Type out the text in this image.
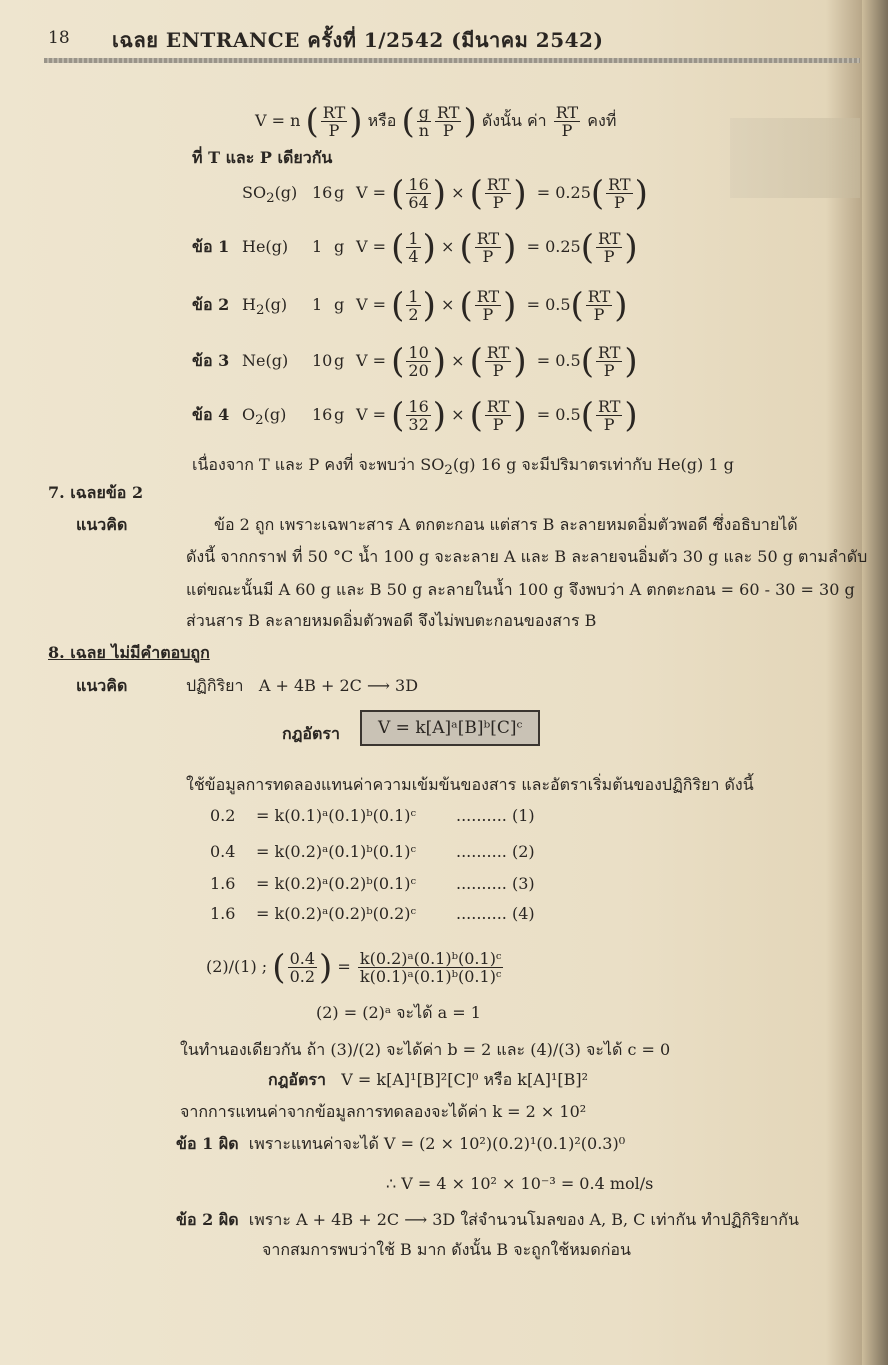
18 เฉลย ENTRANCE ครั้งที่ 1/2542 (มีนาคม 2542)
V = n ( $\frac{RT}{P}$ ) หรือ ( $\frac{g}{n} \frac{RT}{P}$ ) ดังนั้น ค่า $\frac{RT}{P}$ คงที่
ที่ T และ P เดียวกัน
$SO_2(g)$ 16 g V = ( $\frac{16}{64}$ ) × ( $\frac{RT}{P}$ )  = $0.25( \frac{RT}{P}$ )
ข้อ 1 He(g) 1 g V = ( $\frac{1}{4}$ ) × ( $\frac{RT}{P}$ )  = $0.25( \frac{RT}{P}$ )
ข้อ 2 $H_2(g)$ 1 g V = ( $\frac{1}{2}$ ) × ( $\frac{RT}{P}$ )  = $0.5( \frac{RT}{P}$ )
ข้อ 3 Ne(g) 10 g V = ( $\frac{10}{20}$ ) × ( $\frac{RT}{P}$ )  = $0.5( \frac{RT}{P}$ )
ข้อ 4 $O_2(g)$ 16 g V = ( $\frac{16}{32}$ ) × ( $\frac{RT}{P}$ )  = $0.5( \frac{RT}{P}$ )
เนื่องจาก T และ P คงที่ จะพบว่า $SO_2(g)$ 16 g จะมีปริมาตรเท่ากับ He(g) 1 g
7. เฉลยข้อ 2
แนวคิด	ข้อ 2 ถูก เพราะเฉพาะสาร A ตกตะกอน แต่สาร B ละลายหมดอิ่มตัวพอดี ซึ่งอธิบายได้
ดังนี้ จากกราฟ ที่ 50 °C น้ำ 100 g จะละลาย A และ B ละลายจนอิ่มตัว 30 g และ 50 g ตามลำดับ
แต่ขณะนั้นมี A 60 g และ B 50 g ละลายในน้ำ 100 g จึงพบว่า A ตกตะกอน = 60 - 30 = 30 g
ส่วนสาร B ละลายหมดอิ่มตัวพอดี จึงไม่พบตะกอนของสาร B
8. เฉลย ไม่มีคำตอบถูก
แนวคิด	ปฏิกิริยา A + 4B + 2C ⟶ 3D
กฎอัตรา	V = k[A]ᵃ[B]ᵇ[C]ᶜ
ใช้ข้อมูลการทดลองแทนค่าความเข้มข้นของสาร และอัตราเริ่มต้นของปฏิกิริยา ดังนี้
0.2 = k(0.1)ᵃ(0.1)ᵇ(0.1)ᶜ .......... (1)
0.4 = k(0.2)ᵃ(0.1)ᵇ(0.1)ᶜ .......... (2)
1.6 = k(0.2)ᵃ(0.2)ᵇ(0.1)ᶜ .......... (3)
1.6 = k(0.2)ᵃ(0.2)ᵇ(0.2)ᶜ .......... (4)
(2)/(1) ; ( $\frac{0.4}{0.2}$ ) = $\frac{\text{k(0.2)ᵃ(0.1)ᵇ(0.1)ᶜ}}{\text{k(0.1)ᵃ(0.1)ᵇ(0.1)ᶜ}}$
(2) = (2)ᵃ จะได้ a = 1
ในทำนองเดียวกัน ถ้า (3)/(2) จะได้ค่า b = 2 และ (4)/(3) จะได้ c = 0
กฎอัตรา V = k[A]¹[B]²[C]⁰ หรือ k[A]¹[B]²
จากการแทนค่าจากข้อมูลการทดลองจะได้ค่า k = 2 × 10²
ข้อ 1 ผิด เพราะแทนค่าจะได้ V = (2 × 10²)(0.2)¹(0.1)²(0.3)⁰
∴ V = 4 × 10² × 10⁻³ = 0.4 mol/s
ข้อ 2 ผิด เพราะ A + 4B + 2C ⟶ 3D ใส่จำนวนโมลของ A, B, C เท่ากัน ทำปฏิกิริยากัน
จากสมการพบว่าใช้ B มาก ดังนั้น B จะถูกใช้หมดก่อน
